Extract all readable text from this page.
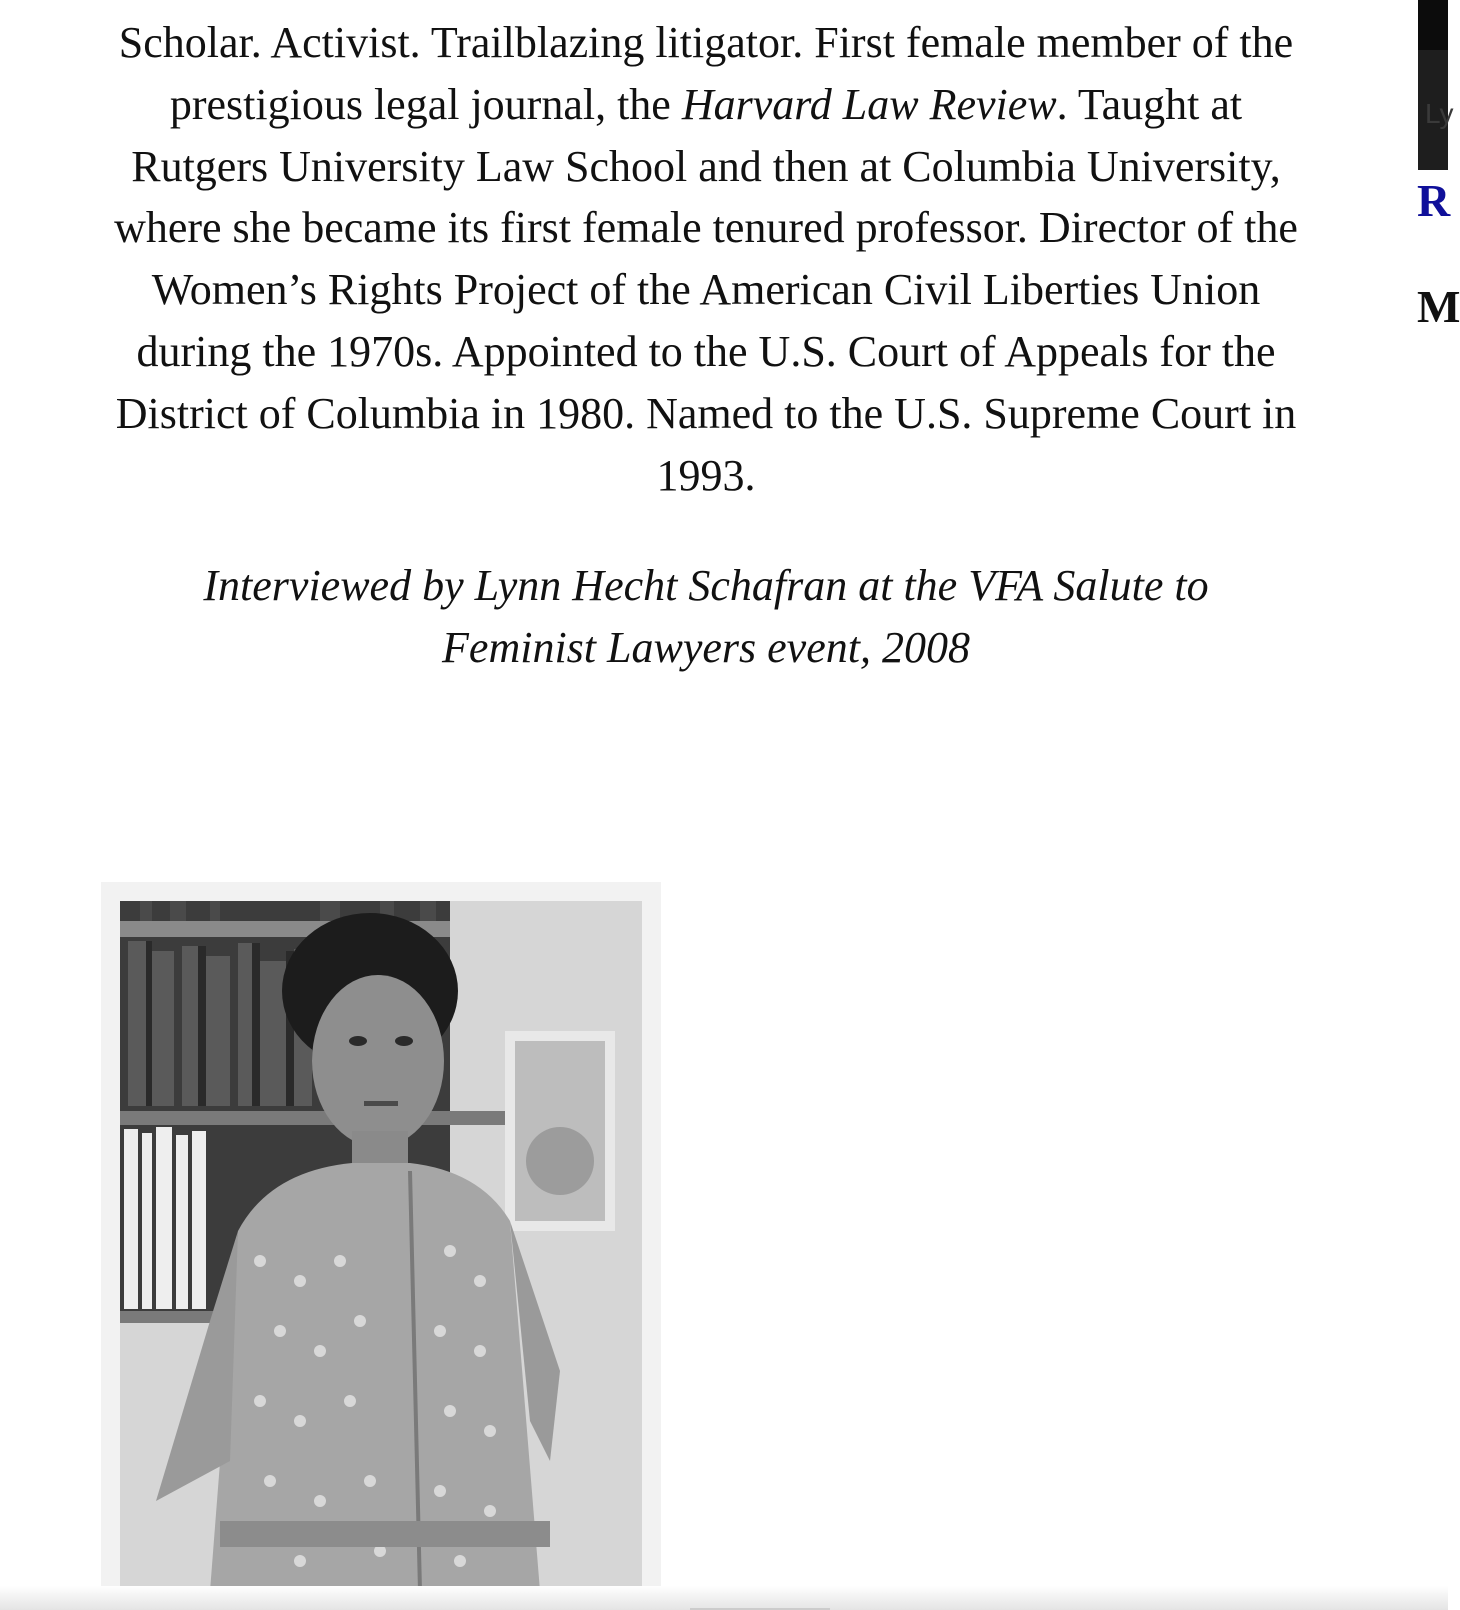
Scholar. Activist. Trailblazing litigator. First female member of the prestigious legal journal, the Harvard Law Review. Taught at Rutgers University Law School and then at Columbia University, where she became its first female tenured professor. Director of the Women’s Rights Project of the American Civil Liberties Union during the 1970s. Appointed to the U.S. Court of Appeals for the District of Columbia in 1980. Named to the U.S. Supreme Court in 1993.

Interviewed by Lynn Hecht Schafran at the VFA Salute to
Feminist Lawyers event, 2008

Ly
R
M
